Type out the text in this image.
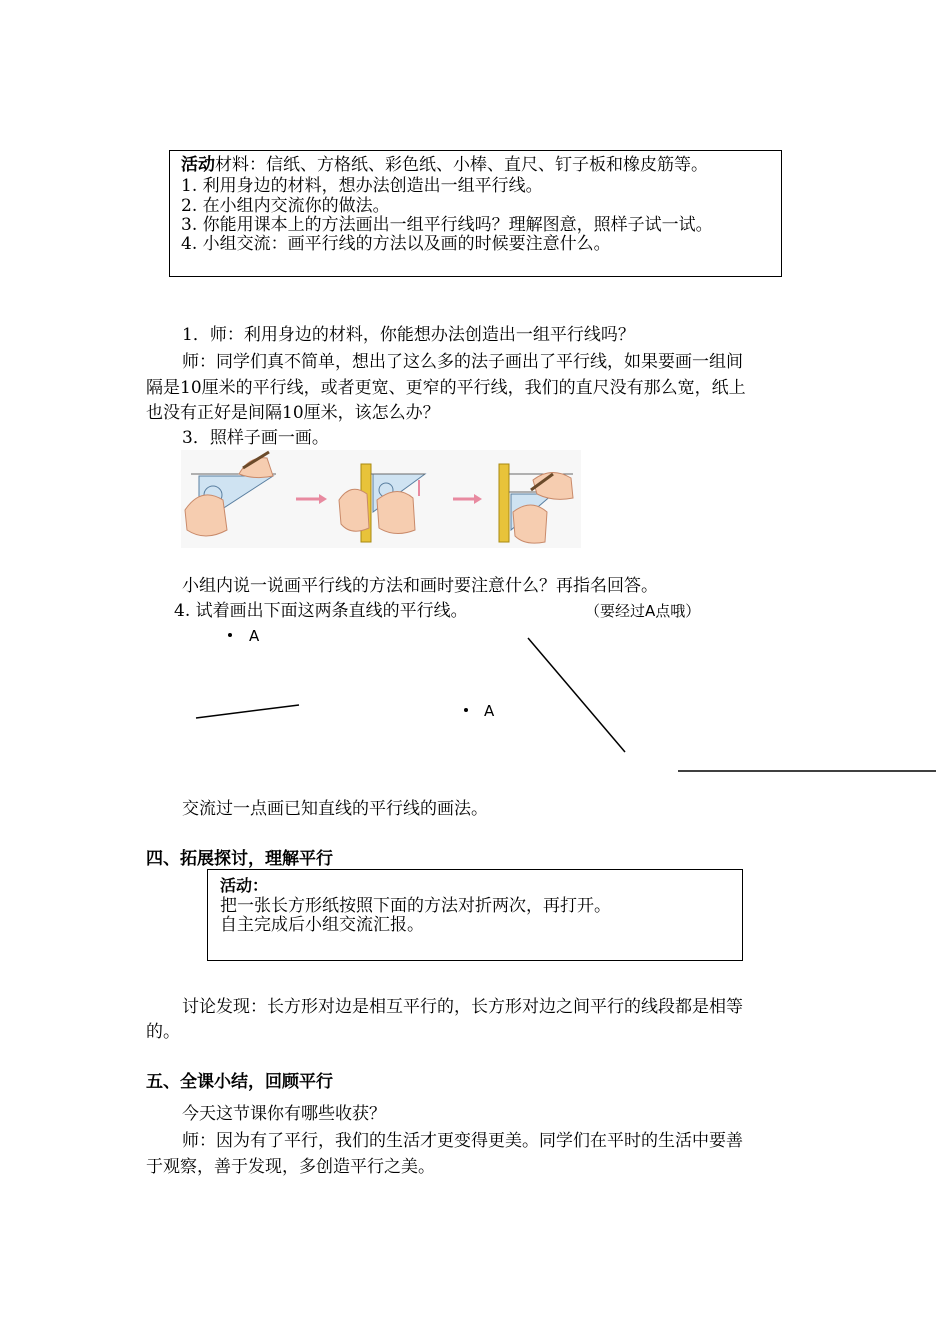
活动材料：信纸、方格纸、彩色纸、小棒、直尺、钉子板和橡皮筋等。
1. 利用身边的材料，想办法创造出一组平行线。
2. 在小组内交流你的做法。
3. 你能用课本上的方法画出一组平行线吗？理解图意，照样子试一试。
4. 小组交流：画平行线的方法以及画的时候要注意什么。
1．师：利用身边的材料，你能想办法创造出一组平行线吗？
师：同学们真不简单，想出了这么多的法子画出了平行线，如果要画一组间
隔是10厘米的平行线，或者更宽、更窄的平行线，我们的直尺没有那么宽，纸上
也没有正好是间隔10厘米，该怎么办？
3．照样子画一画。
小组内说一说画平行线的方法和画时要注意什么？再指名回答。
4. 试着画出下面这两条直线的平行线。	（要经过A点哦）
A
A
交流过一点画已知直线的平行线的画法。
四、拓展探讨，理解平行
活动：
把一张长方形纸按照下面的方法对折两次，再打开。
自主完成后小组交流汇报。
讨论发现：长方形对边是相互平行的，长方形对边之间平行的线段都是相等
的。
五、全课小结，回顾平行
今天这节课你有哪些收获？
师：因为有了平行，我们的生活才更变得更美。同学们在平时的生活中要善
于观察，善于发现，多创造平行之美。
